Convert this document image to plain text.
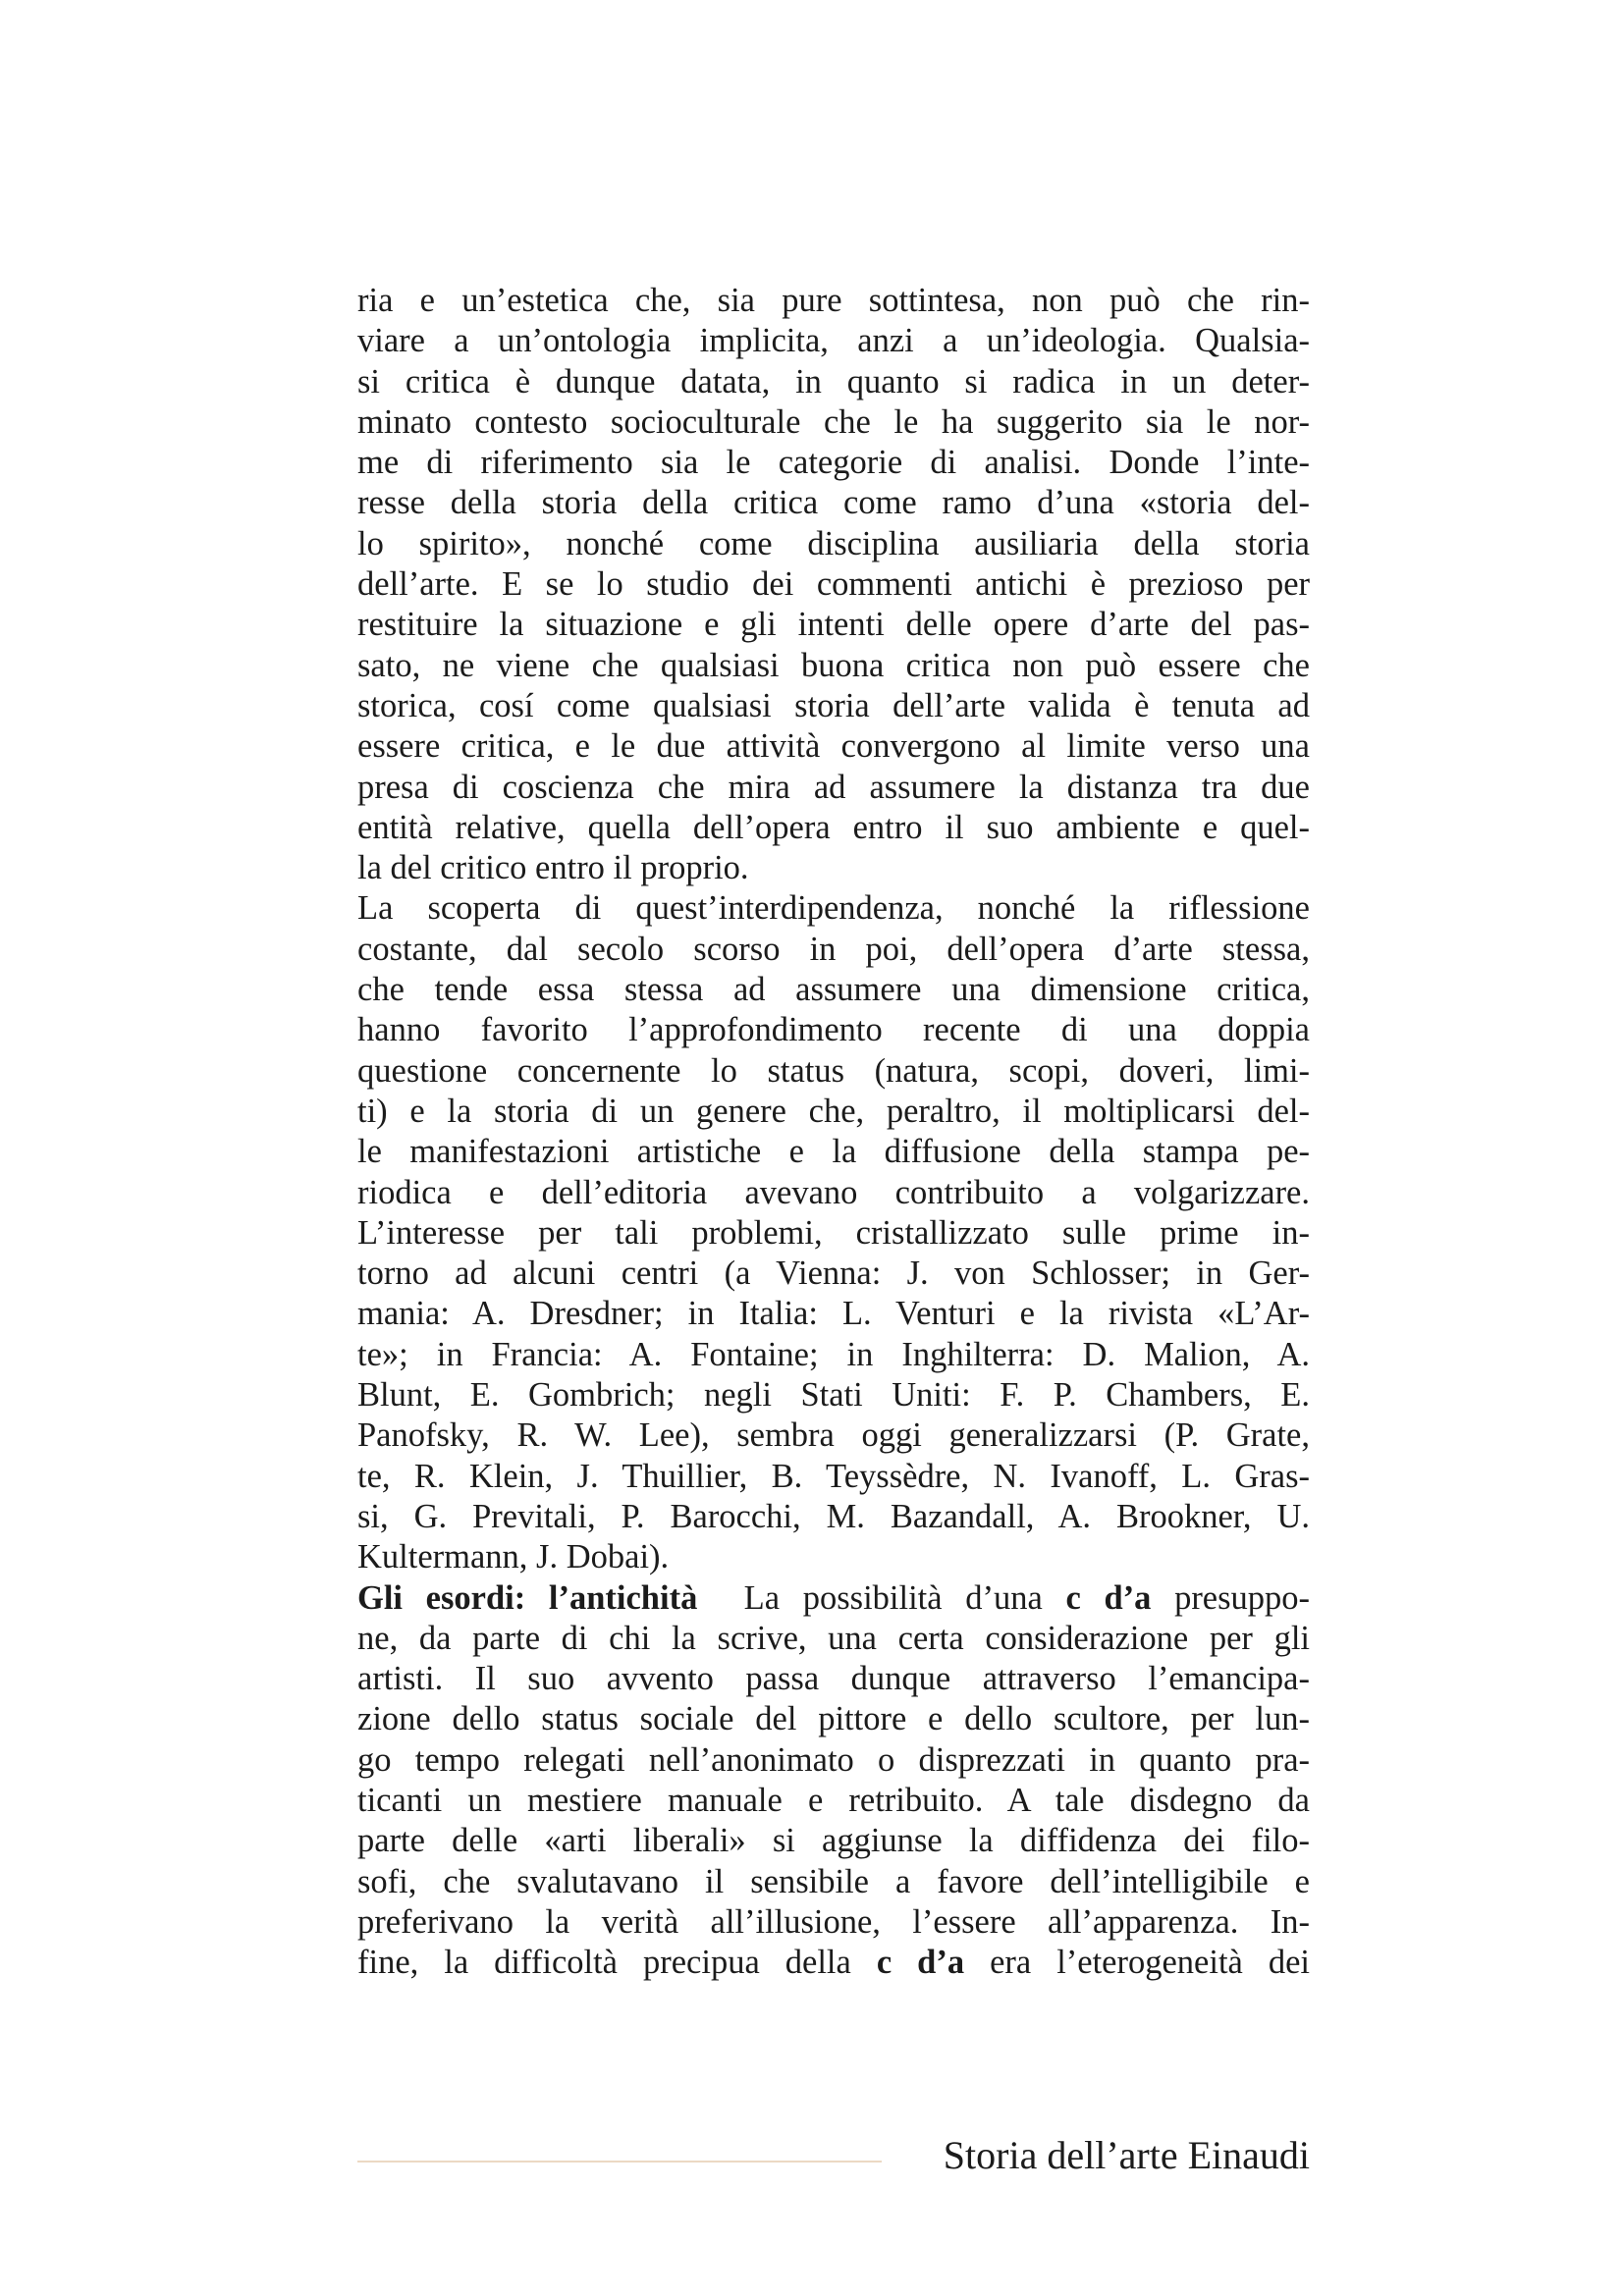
ria e un’estetica che, sia pure sottintesa, non può che rin-
viare a un’ontologia implicita, anzi a un’ideologia. Qualsia-
si critica è dunque datata, in quanto si radica in un deter-
minato contesto socioculturale che le ha suggerito sia le nor-
me di riferimento sia le categorie di analisi. Donde l’inte-
resse della storia della critica come ramo d’una «storia del-
lo spirito», nonché come disciplina ausiliaria della storia
dell’arte. E se lo studio dei commenti antichi è prezioso per
restituire la situazione e gli intenti delle opere d’arte del pas-
sato, ne viene che qualsiasi buona critica non può essere che
storica, cosí come qualsiasi storia dell’arte valida è tenuta ad
essere critica, e le due attività convergono al limite verso una
presa di coscienza che mira ad assumere la distanza tra due
entità relative, quella dell’opera entro il suo ambiente e quel-
la del critico entro il proprio.
La scoperta di quest’interdipendenza, nonché la riflessione
costante, dal secolo scorso in poi, dell’opera d’arte stessa,
che tende essa stessa ad assumere una dimensione critica,
hanno favorito l’approfondimento recente di una doppia
questione concernente lo status (natura, scopi, doveri, limi-
ti) e la storia di un genere che, peraltro, il moltiplicarsi del-
le manifestazioni artistiche e la diffusione della stampa pe-
riodica e dell’editoria avevano contribuito a volgarizzare.
L’interesse per tali problemi, cristallizzato sulle prime in-
torno ad alcuni centri (a Vienna: J. von Schlosser; in Ger-
mania: A. Dresdner; in Italia: L. Venturi e la rivista «L’Ar-
te»; in Francia: A. Fontaine; in Inghilterra: D. Malion, A.
Blunt, E. Gombrich; negli Stati Uniti: F. P. Chambers, E.
Panofsky, R. W. Lee), sembra oggi generalizzarsi (P. Grate,
te, R. Klein, J. Thuillier, B. Teyssèdre, N. Ivanoff, L. Gras-
si, G. Previtali, P. Barocchi, M. Bazandall, A. Brookner, U.
Kultermann, J. Dobai).
Gli esordi: l’antichità La possibilità d’una c d’a presuppo-
ne, da parte di chi la scrive, una certa considerazione per gli
artisti. Il suo avvento passa dunque attraverso l’emancipa-
zione dello status sociale del pittore e dello scultore, per lun-
go tempo relegati nell’anonimato o disprezzati in quanto pra-
ticanti un mestiere manuale e retribuito. A tale disdegno da
parte delle «arti liberali» si aggiunse la diffidenza dei filo-
sofi, che svalutavano il sensibile a favore dell’intelligibile e
preferivano la verità all’illusione, l’essere all’apparenza. In-
fine, la difficoltà precipua della c d’a era l’eterogeneità dei
Storia dell’arte Einaudi
